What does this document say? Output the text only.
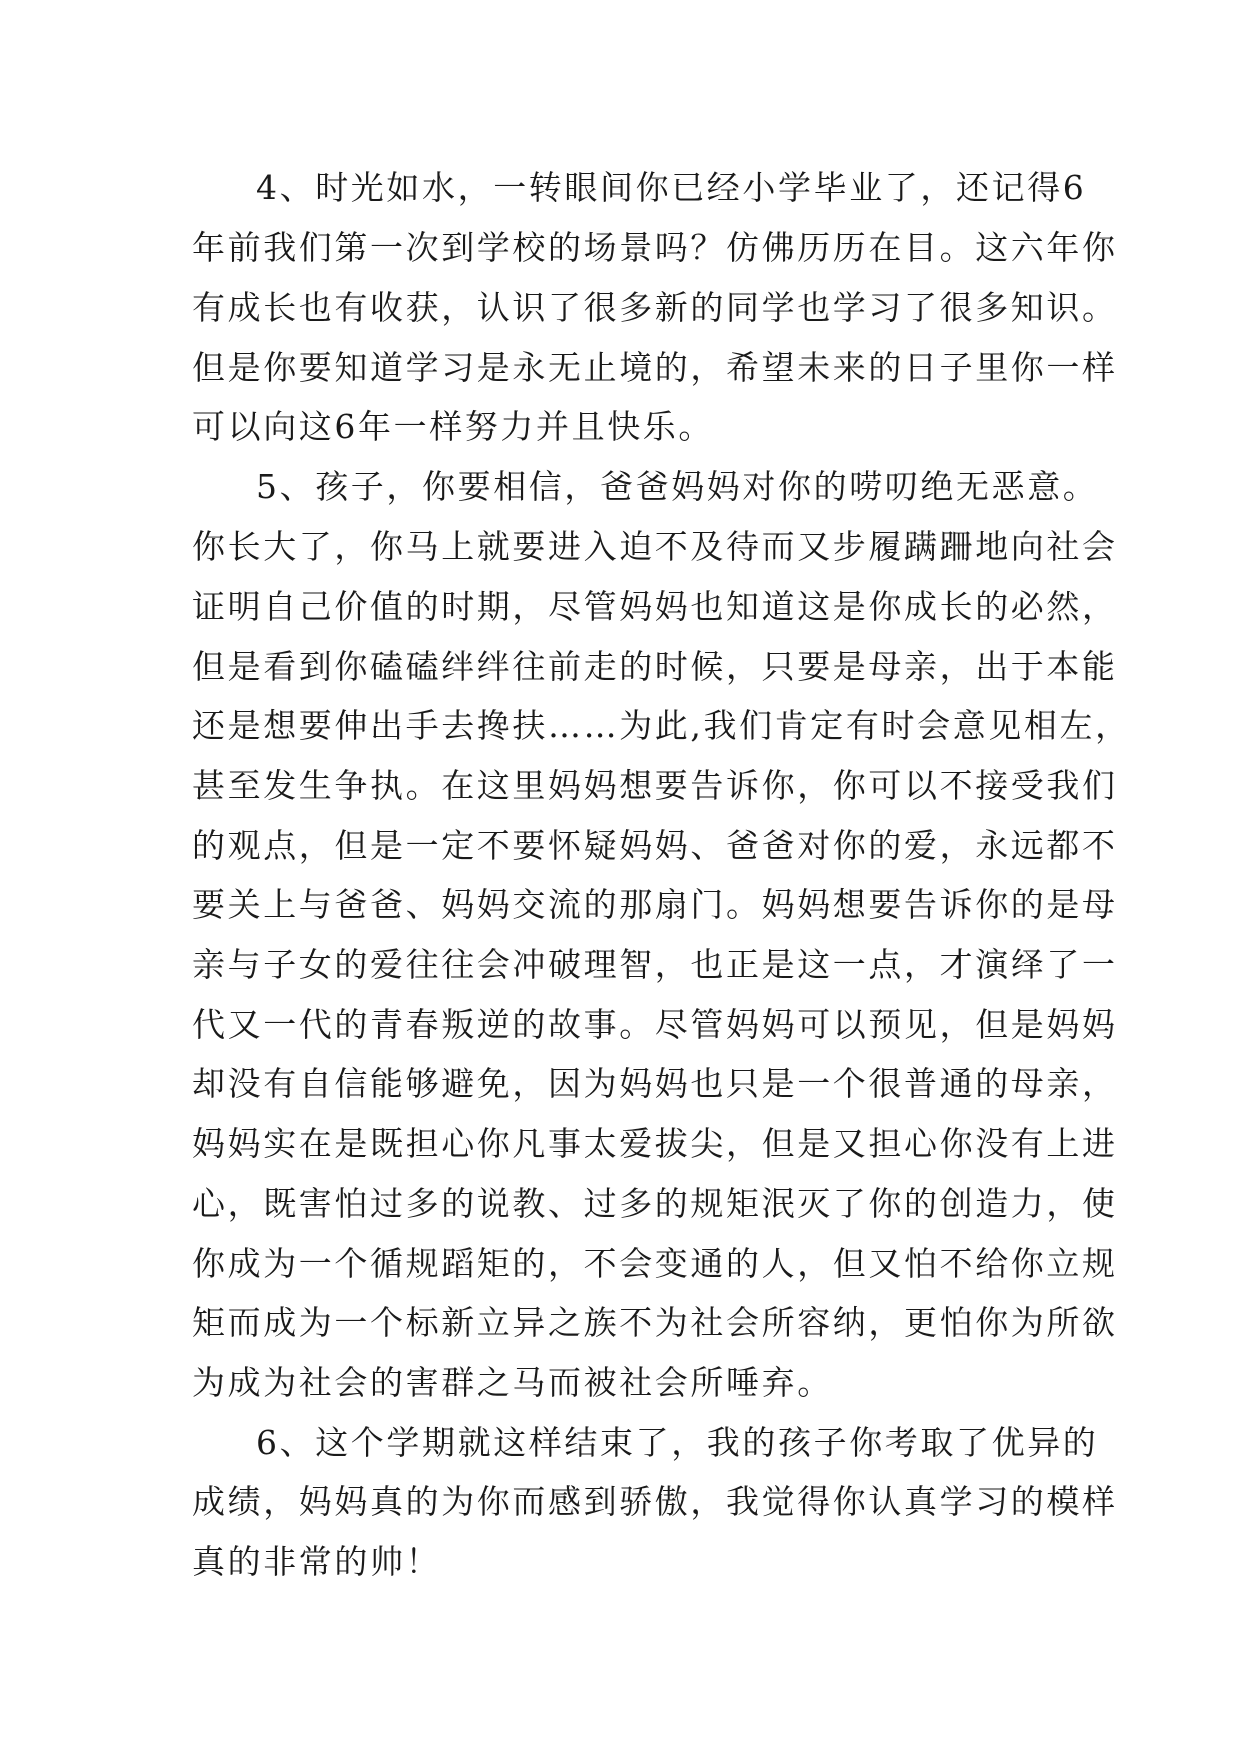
4、时光如水，一转眼间你已经小学毕业了，还记得6
年前我们第一次到学校的场景吗？仿佛历历在目。这六年你
有成长也有收获，认识了很多新的同学也学习了很多知识。
但是你要知道学习是永无止境的，希望未来的日子里你一样
可以向这6年一样努力并且快乐。
5、孩子，你要相信，爸爸妈妈对你的唠叨绝无恶意。
你长大了，你马上就要进入迫不及待而又步履蹒跚地向社会
证明自己价值的时期，尽管妈妈也知道这是你成长的必然，
但是看到你磕磕绊绊往前走的时候，只要是母亲，出于本能
还是想要伸出手去搀扶……为此,我们肯定有时会意见相左，
甚至发生争执。在这里妈妈想要告诉你，你可以不接受我们
的观点，但是一定不要怀疑妈妈、爸爸对你的爱，永远都不
要关上与爸爸、妈妈交流的那扇门。妈妈想要告诉你的是母
亲与子女的爱往往会冲破理智，也正是这一点，才演绎了一
代又一代的青春叛逆的故事。尽管妈妈可以预见，但是妈妈
却没有自信能够避免，因为妈妈也只是一个很普通的母亲，
妈妈实在是既担心你凡事太爱拔尖，但是又担心你没有上进
心，既害怕过多的说教、过多的规矩泯灭了你的创造力，使
你成为一个循规蹈矩的，不会变通的人，但又怕不给你立规
矩而成为一个标新立异之族不为社会所容纳，更怕你为所欲
为成为社会的害群之马而被社会所唾弃。
6、这个学期就这样结束了，我的孩子你考取了优异的
成绩，妈妈真的为你而感到骄傲，我觉得你认真学习的模样
真的非常的帅！
